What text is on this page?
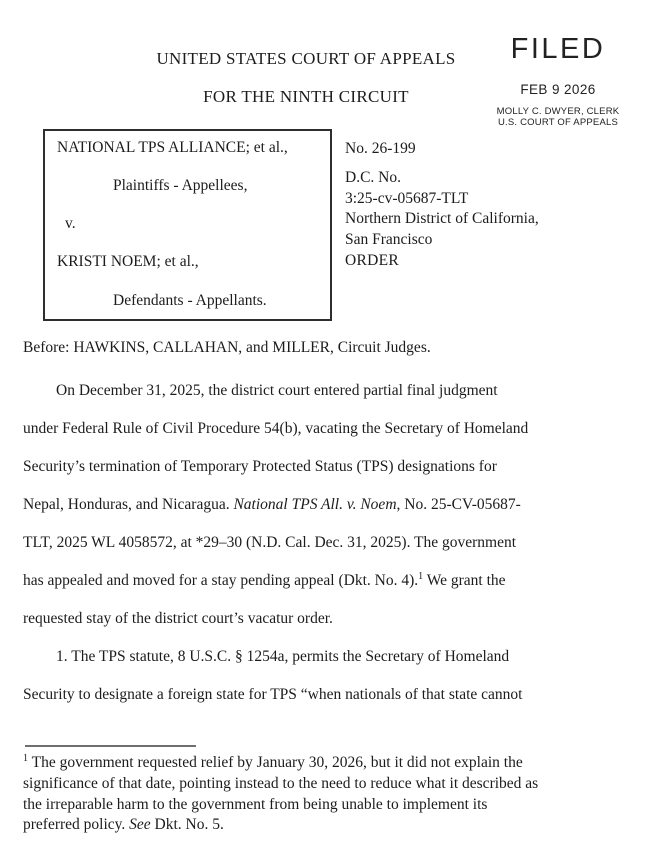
UNITED STATES COURT OF APPEALS
FOR THE NINTH CIRCUIT
FILED
FEB 9 2026
MOLLY C. DWYER, CLERK
U.S. COURT OF APPEALS
NATIONAL TPS ALLIANCE; et al.,
Plaintiffs - Appellees,
v.
KRISTI NOEM; et al.,
Defendants - Appellants.
No. 26-199
D.C. No.
3:25-cv-05687-TLT
Northern District of California,
San Francisco
ORDER
Before: HAWKINS, CALLAHAN, and MILLER, Circuit Judges.
On December 31, 2025, the district court entered partial final judgment
under Federal Rule of Civil Procedure 54(b), vacating the Secretary of Homeland
Security’s termination of Temporary Protected Status (TPS) designations for
Nepal, Honduras, and Nicaragua. National TPS All. v. Noem, No. 25-CV-05687-
TLT, 2025 WL 4058572, at *29–30 (N.D. Cal. Dec. 31, 2025). The government
has appealed and moved for a stay pending appeal (Dkt. No. 4).$^1$ We grant the
requested stay of the district court’s vacatur order.
1. The TPS statute, 8 U.S.C. § 1254a, permits the Secretary of Homeland
Security to designate a foreign state for TPS “when nationals of that state cannot
$^1$ The government requested relief by January 30, 2026, but it did not explain the
significance of that date, pointing instead to the need to reduce what it described as
the irreparable harm to the government from being unable to implement its
preferred policy. See Dkt. No. 5.
